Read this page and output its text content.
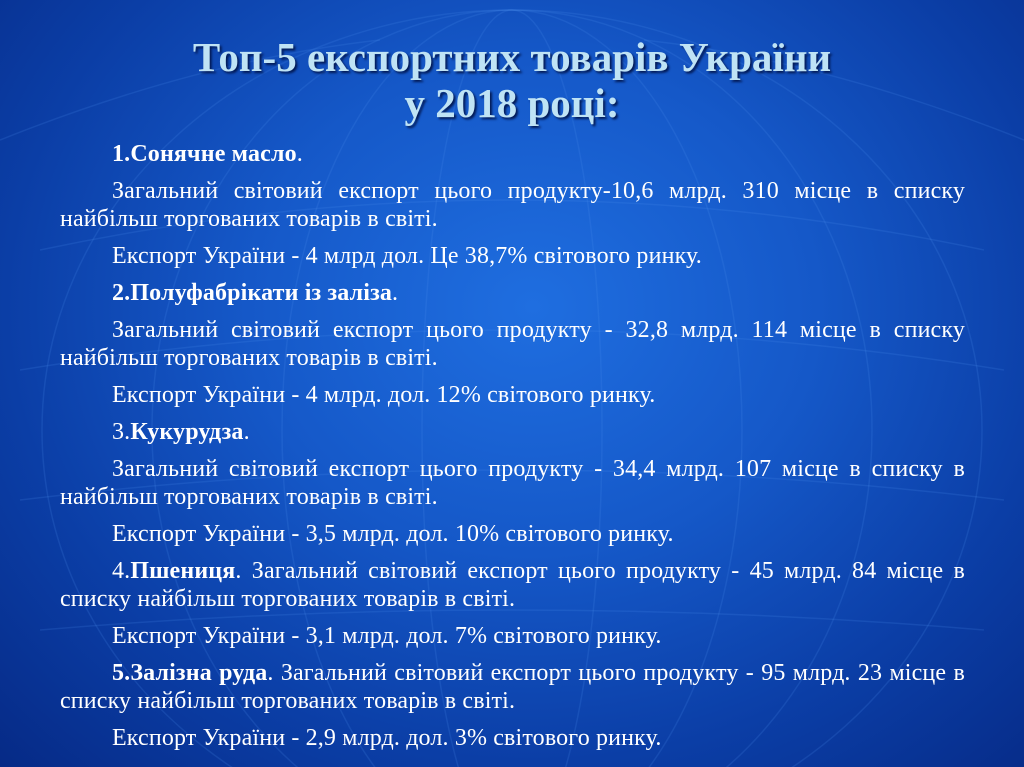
Топ-5 експортних товарів України
у 2018 році:

1.Сонячне масло.

Загальний світовий експорт цього продукту-10,6 млрд. 310 місце в списку найбільш торгованих товарів в світі.

Експорт України - 4 млрд дол. Це 38,7% світового ринку.

2.Полуфабрікати із заліза.

Загальний світовий експорт цього продукту - 32,8 млрд. 114 місце в списку найбільш торгованих товарів в світі.

Експорт України - 4 млрд. дол. 12% світового ринку.

3.Кукурудза.

Загальний світовий експорт цього продукту - 34,4 млрд. 107 місце в списку в найбільш торгованих товарів в світі.

Експорт України - 3,5 млрд. дол. 10% світового ринку.

4.Пшениця. Загальний світовий експорт цього продукту - 45 млрд. 84 місце в списку найбільш торгованих товарів в світі.

Експорт України - 3,1 млрд. дол. 7% світового ринку.

5.Залізна руда. Загальний світовий експорт цього продукту - 95 млрд. 23 місце в списку найбільш торгованих товарів в світі.

Експорт України - 2,9 млрд. дол. 3% світового ринку.
